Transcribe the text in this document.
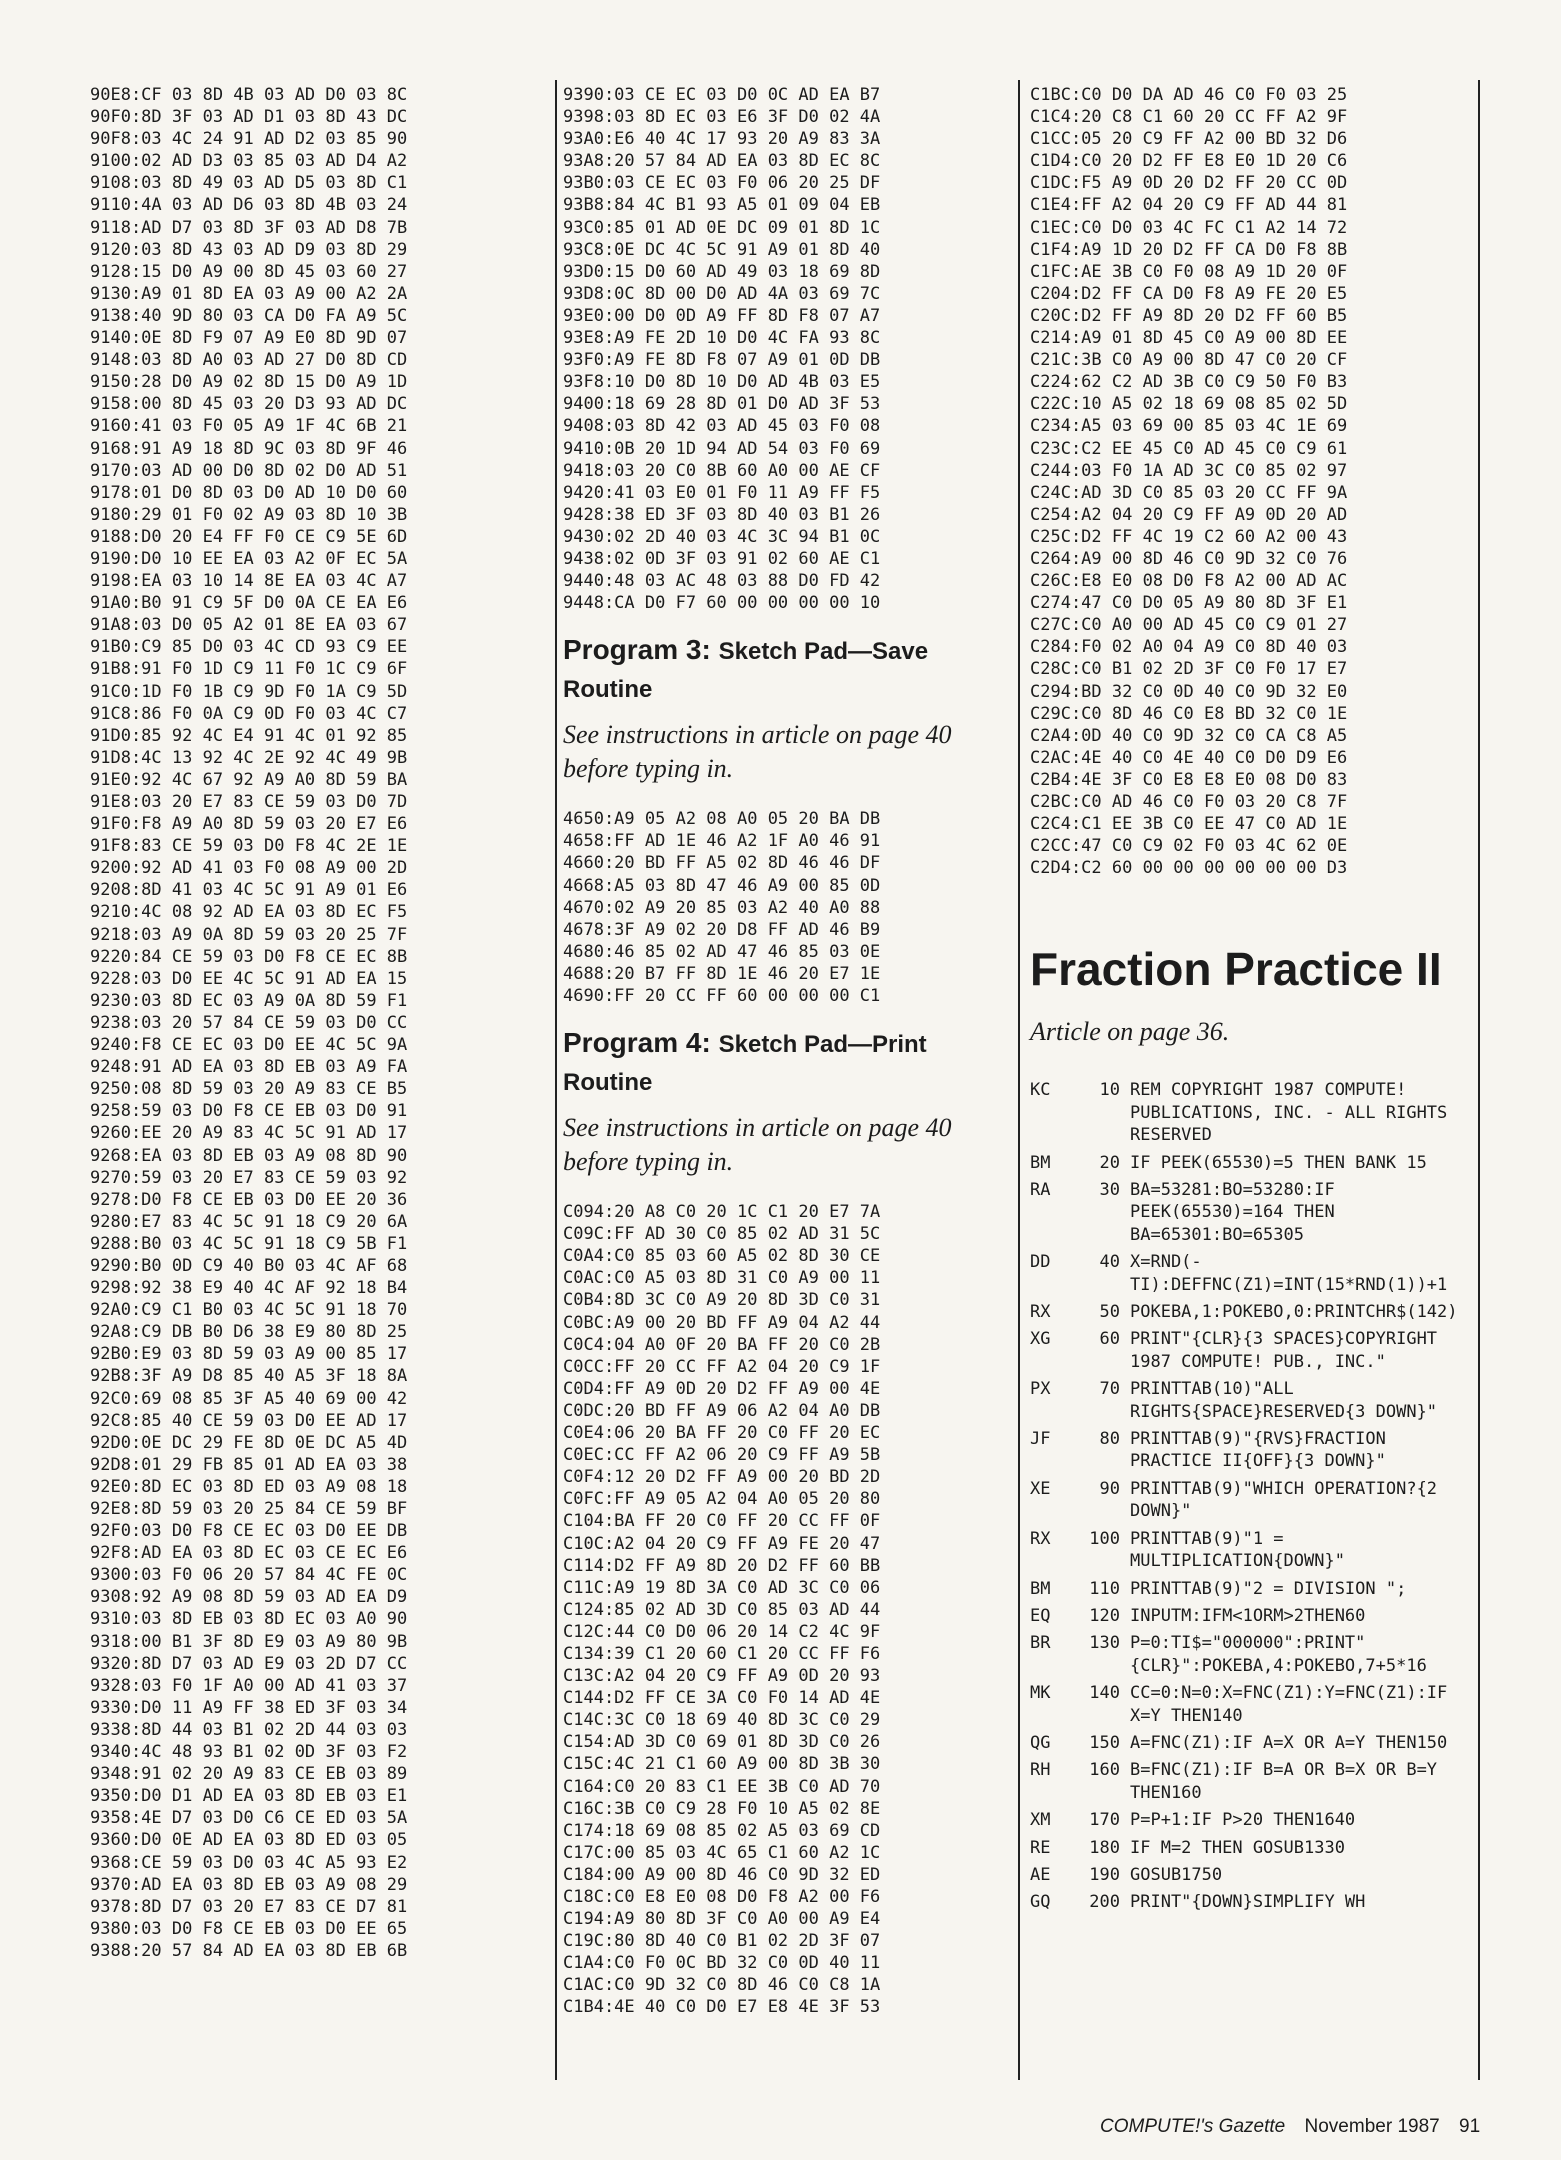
90E8:CF 03 8D 4B 03 AD D0 03 8C
90F0:8D 3F 03 AD D1 03 8D 43 DC
90F8:03 4C 24 91 AD D2 03 85 90
9100:02 AD D3 03 85 03 AD D4 A2
9108:03 8D 49 03 AD D5 03 8D C1
9110:4A 03 AD D6 03 8D 4B 03 24
9118:AD D7 03 8D 3F 03 AD D8 7B
9120:03 8D 43 03 AD D9 03 8D 29
9128:15 D0 A9 00 8D 45 03 60 27
9130:A9 01 8D EA 03 A9 00 A2 2A
9138:40 9D 80 03 CA D0 FA A9 5C
9140:0E 8D F9 07 A9 E0 8D 9D 07
9148:03 8D A0 03 AD 27 D0 8D CD
9150:28 D0 A9 02 8D 15 D0 A9 1D
9158:00 8D 45 03 20 D3 93 AD DC
9160:41 03 F0 05 A9 1F 4C 6B 21
9168:91 A9 18 8D 9C 03 8D 9F 46
9170:03 AD 00 D0 8D 02 D0 AD 51
9178:01 D0 8D 03 D0 AD 10 D0 60
9180:29 01 F0 02 A9 03 8D 10 3B
9188:D0 20 E4 FF F0 CE C9 5E 6D
9190:D0 10 EE EA 03 A2 0F EC 5A
9198:EA 03 10 14 8E EA 03 4C A7
91A0:B0 91 C9 5F D0 0A CE EA E6
91A8:03 D0 05 A2 01 8E EA 03 67
91B0:C9 85 D0 03 4C CD 93 C9 EE
91B8:91 F0 1D C9 11 F0 1C C9 6F
91C0:1D F0 1B C9 9D F0 1A C9 5D
91C8:86 F0 0A C9 0D F0 03 4C C7
91D0:85 92 4C E4 91 4C 01 92 85
91D8:4C 13 92 4C 2E 92 4C 49 9B
91E0:92 4C 67 92 A9 A0 8D 59 BA
91E8:03 20 E7 83 CE 59 03 D0 7D
91F0:F8 A9 A0 8D 59 03 20 E7 E6
91F8:83 CE 59 03 D0 F8 4C 2E 1E
9200:92 AD 41 03 F0 08 A9 00 2D
9208:8D 41 03 4C 5C 91 A9 01 E6
9210:4C 08 92 AD EA 03 8D EC F5
9218:03 A9 0A 8D 59 03 20 25 7F
9220:84 CE 59 03 D0 F8 CE EC 8B
9228:03 D0 EE 4C 5C 91 AD EA 15
9230:03 8D EC 03 A9 0A 8D 59 F1
9238:03 20 57 84 CE 59 03 D0 CC
9240:F8 CE EC 03 D0 EE 4C 5C 9A
9248:91 AD EA 03 8D EB 03 A9 FA
9250:08 8D 59 03 20 A9 83 CE B5
9258:59 03 D0 F8 CE EB 03 D0 91
9260:EE 20 A9 83 4C 5C 91 AD 17
9268:EA 03 8D EB 03 A9 08 8D 90
9270:59 03 20 E7 83 CE 59 03 92
9278:D0 F8 CE EB 03 D0 EE 20 36
9280:E7 83 4C 5C 91 18 C9 20 6A
9288:B0 03 4C 5C 91 18 C9 5B F1
9290:B0 0D C9 40 B0 03 4C AF 68
9298:92 38 E9 40 4C AF 92 18 B4
92A0:C9 C1 B0 03 4C 5C 91 18 70
92A8:C9 DB B0 D6 38 E9 80 8D 25
92B0:E9 03 8D 59 03 A9 00 85 17
92B8:3F A9 D8 85 40 A5 3F 18 8A
92C0:69 08 85 3F A5 40 69 00 42
92C8:85 40 CE 59 03 D0 EE AD 17
92D0:0E DC 29 FE 8D 0E DC A5 4D
92D8:01 29 FB 85 01 AD EA 03 38
92E0:8D EC 03 8D ED 03 A9 08 18
92E8:8D 59 03 20 25 84 CE 59 BF
92F0:03 D0 F8 CE EC 03 D0 EE DB
92F8:AD EA 03 8D EC 03 CE EC E6
9300:03 F0 06 20 57 84 4C FE 0C
9308:92 A9 08 8D 59 03 AD EA D9
9310:03 8D EB 03 8D EC 03 A0 90
9318:00 B1 3F 8D E9 03 A9 80 9B
9320:8D D7 03 AD E9 03 2D D7 CC
9328:03 F0 1F A0 00 AD 41 03 37
9330:D0 11 A9 FF 38 ED 3F 03 34
9338:8D 44 03 B1 02 2D 44 03 03
9340:4C 48 93 B1 02 0D 3F 03 F2
9348:91 02 20 A9 83 CE EB 03 89
9350:D0 D1 AD EA 03 8D EB 03 E1
9358:4E D7 03 D0 C6 CE ED 03 5A
9360:D0 0E AD EA 03 8D ED 03 05
9368:CE 59 03 D0 03 4C A5 93 E2
9370:AD EA 03 8D EB 03 A9 08 29
9378:8D D7 03 20 E7 83 CE D7 81
9380:03 D0 F8 CE EB 03 D0 EE 65
9388:20 57 84 AD EA 03 8D EB 6B
9390:03 CE EC 03 D0 0C AD EA B7
9398:03 8D EC 03 E6 3F D0 02 4A
93A0:E6 40 4C 17 93 20 A9 83 3A
93A8:20 57 84 AD EA 03 8D EC 8C
93B0:03 CE EC 03 F0 06 20 25 DF
93B8:84 4C B1 93 A5 01 09 04 EB
93C0:85 01 AD 0E DC 09 01 8D 1C
93C8:0E DC 4C 5C 91 A9 01 8D 40
93D0:15 D0 60 AD 49 03 18 69 8D
93D8:0C 8D 00 D0 AD 4A 03 69 7C
93E0:00 D0 0D A9 FF 8D F8 07 A7
93E8:A9 FE 2D 10 D0 4C FA 93 8C
93F0:A9 FE 8D F8 07 A9 01 0D DB
93F8:10 D0 8D 10 D0 AD 4B 03 E5
9400:18 69 28 8D 01 D0 AD 3F 53
9408:03 8D 42 03 AD 45 03 F0 08
9410:0B 20 1D 94 AD 54 03 F0 69
9418:03 20 C0 8B 60 A0 00 AE CF
9420:41 03 E0 01 F0 11 A9 FF F5
9428:38 ED 3F 03 8D 40 03 B1 26
9430:02 2D 40 03 4C 3C 94 B1 0C
9438:02 0D 3F 03 91 02 60 AE C1
9440:48 03 AC 48 03 88 D0 FD 42
9448:CA D0 F7 60 00 00 00 00 10
Program 3: Sketch Pad—Save Routine
See instructions in article on page 40 before typing in.
4650:A9 05 A2 08 A0 05 20 BA DB
4658:FF AD 1E 46 A2 1F A0 46 91
4660:20 BD FF A5 02 8D 46 46 DF
4668:A5 03 8D 47 46 A9 00 85 0D
4670:02 A9 20 85 03 A2 40 A0 88
4678:3F A9 02 20 D8 FF AD 46 B9
4680:46 85 02 AD 47 46 85 03 0E
4688:20 B7 FF 8D 1E 46 20 E7 1E
4690:FF 20 CC FF 60 00 00 00 C1
Program 4: Sketch Pad—Print Routine
See instructions in article on page 40 before typing in.
C094:20 A8 C0 20 1C C1 20 E7 7A
C09C:FF AD 30 C0 85 02 AD 31 5C
C0A4:C0 85 03 60 A5 02 8D 30 CE
C0AC:C0 A5 03 8D 31 C0 A9 00 11
C0B4:8D 3C C0 A9 20 8D 3D C0 31
C0BC:A9 00 20 BD FF A9 04 A2 44
C0C4:04 A0 0F 20 BA FF 20 C0 2B
C0CC:FF 20 CC FF A2 04 20 C9 1F
C0D4:FF A9 0D 20 D2 FF A9 00 4E
C0DC:20 BD FF A9 06 A2 04 A0 DB
C0E4:06 20 BA FF 20 C0 FF 20 EC
C0EC:CC FF A2 06 20 C9 FF A9 5B
C0F4:12 20 D2 FF A9 00 20 BD 2D
C0FC:FF A9 05 A2 04 A0 05 20 80
C104:BA FF 20 C0 FF 20 CC FF 0F
C10C:A2 04 20 C9 FF A9 FE 20 47
C114:D2 FF A9 8D 20 D2 FF 60 BB
C11C:A9 19 8D 3A C0 AD 3C C0 06
C124:85 02 AD 3D C0 85 03 AD 44
C12C:44 C0 D0 06 20 14 C2 4C 9F
C134:39 C1 20 60 C1 20 CC FF F6
C13C:A2 04 20 C9 FF A9 0D 20 93
C144:D2 FF CE 3A C0 F0 14 AD 4E
C14C:3C C0 18 69 40 8D 3C C0 29
C154:AD 3D C0 69 01 8D 3D C0 26
C15C:4C 21 C1 60 A9 00 8D 3B 30
C164:C0 20 83 C1 EE 3B C0 AD 70
C16C:3B C0 C9 28 F0 10 A5 02 8E
C174:18 69 08 85 02 A5 03 69 CD
C17C:00 85 03 4C 65 C1 60 A2 1C
C184:00 A9 00 8D 46 C0 9D 32 ED
C18C:C0 E8 E0 08 D0 F8 A2 00 F6
C194:A9 80 8D 3F C0 A0 00 A9 E4
C19C:80 8D 40 C0 B1 02 2D 3F 07
C1A4:C0 F0 0C BD 32 C0 0D 40 11
C1AC:C0 9D 32 C0 8D 46 C0 C8 1A
C1B4:4E 40 C0 D0 E7 E8 4E 3F 53
C1BC:C0 D0 DA AD 46 C0 F0 03 25
C1C4:20 C8 C1 60 20 CC FF A2 9F
C1CC:05 20 C9 FF A2 00 BD 32 D6
C1D4:C0 20 D2 FF E8 E0 1D 20 C6
C1DC:F5 A9 0D 20 D2 FF 20 CC 0D
C1E4:FF A2 04 20 C9 FF AD 44 81
C1EC:C0 D0 03 4C FC C1 A2 14 72
C1F4:A9 1D 20 D2 FF CA D0 F8 8B
C1FC:AE 3B C0 F0 08 A9 1D 20 0F
C204:D2 FF CA D0 F8 A9 FE 20 E5
C20C:D2 FF A9 8D 20 D2 FF 60 B5
C214:A9 01 8D 45 C0 A9 00 8D EE
C21C:3B C0 A9 00 8D 47 C0 20 CF
C224:62 C2 AD 3B C0 C9 50 F0 B3
C22C:10 A5 02 18 69 08 85 02 5D
C234:A5 03 69 00 85 03 4C 1E 69
C23C:C2 EE 45 C0 AD 45 C0 C9 61
C244:03 F0 1A AD 3C C0 85 02 97
C24C:AD 3D C0 85 03 20 CC FF 9A
C254:A2 04 20 C9 FF A9 0D 20 AD
C25C:D2 FF 4C 19 C2 60 A2 00 43
C264:A9 00 8D 46 C0 9D 32 C0 76
C26C:E8 E0 08 D0 F8 A2 00 AD AC
C274:47 C0 D0 05 A9 80 8D 3F E1
C27C:C0 A0 00 AD 45 C0 C9 01 27
C284:F0 02 A0 04 A9 C0 8D 40 03
C28C:C0 B1 02 2D 3F C0 F0 17 E7
C294:BD 32 C0 0D 40 C0 9D 32 E0
C29C:C0 8D 46 C0 E8 BD 32 C0 1E
C2A4:0D 40 C0 9D 32 C0 CA C8 A5
C2AC:4E 40 C0 4E 40 C0 D0 D9 E6
C2B4:4E 3F C0 E8 E8 E0 08 D0 83
C2BC:C0 AD 46 C0 F0 03 20 C8 7F
C2C4:C1 EE 3B C0 EE 47 C0 AD 1E
C2CC:47 C0 C9 02 F0 03 4C 62 0E
C2D4:C2 60 00 00 00 00 00 00 D3
Fraction Practice II
Article on page 36.
KC	10 REM COPYRIGHT 1987 COMPUTE! PUBLICATIONS, INC. - ALL RIGHTS RESERVED
BM	20 IF PEEK(65530)=5 THEN BANK 15
RA	30 BA=53281:BO=53280:IF PEEK(65530)=164 THEN BA=65301:BO=65305
DD	40 X=RND(-TI):DEFFNC(Z1)=INT(15*RND(1))+1
RX	50 POKEBA,1:POKEBO,0:PRINTCHR$(142)
XG	60 PRINT"{CLR}{3 SPACES}COPYRIGHT 1987 COMPUTE! PUB., INC."
PX	70 PRINTTAB(10)"ALL RIGHTS{SPACE}RESERVED{3 DOWN}"
JF	80 PRINTTAB(9)"{RVS}FRACTION PRACTICE II{OFF}{3 DOWN}"
XE	90 PRINTTAB(9)"WHICH OPERATION?{2 DOWN}"
RX	100 PRINTTAB(9)"1 = MULTIPLICATION{DOWN}"
BM	110 PRINTTAB(9)"2 = DIVISION ";
EQ	120 INPUTM:IFM<1ORM>2THEN60
BR	130 P=0:TI$="000000":PRINT"{CLR}":POKEBA,4:POKEBO,7+5*16
MK	140 CC=0:N=0:X=FNC(Z1):Y=FNC(Z1):IF X=Y THEN140
QG	150 A=FNC(Z1):IF A=X OR A=Y THEN150
RH	160 B=FNC(Z1):IF B=A OR B=X OR B=Y THEN160
XM	170 P=P+1:IF P>20 THEN1640
RE	180 IF M=2 THEN GOSUB1330
AE	190 GOSUB1750
GQ	200 PRINT"{DOWN}SIMPLIFY WH
COMPUTE!'s Gazette November 1987 91
